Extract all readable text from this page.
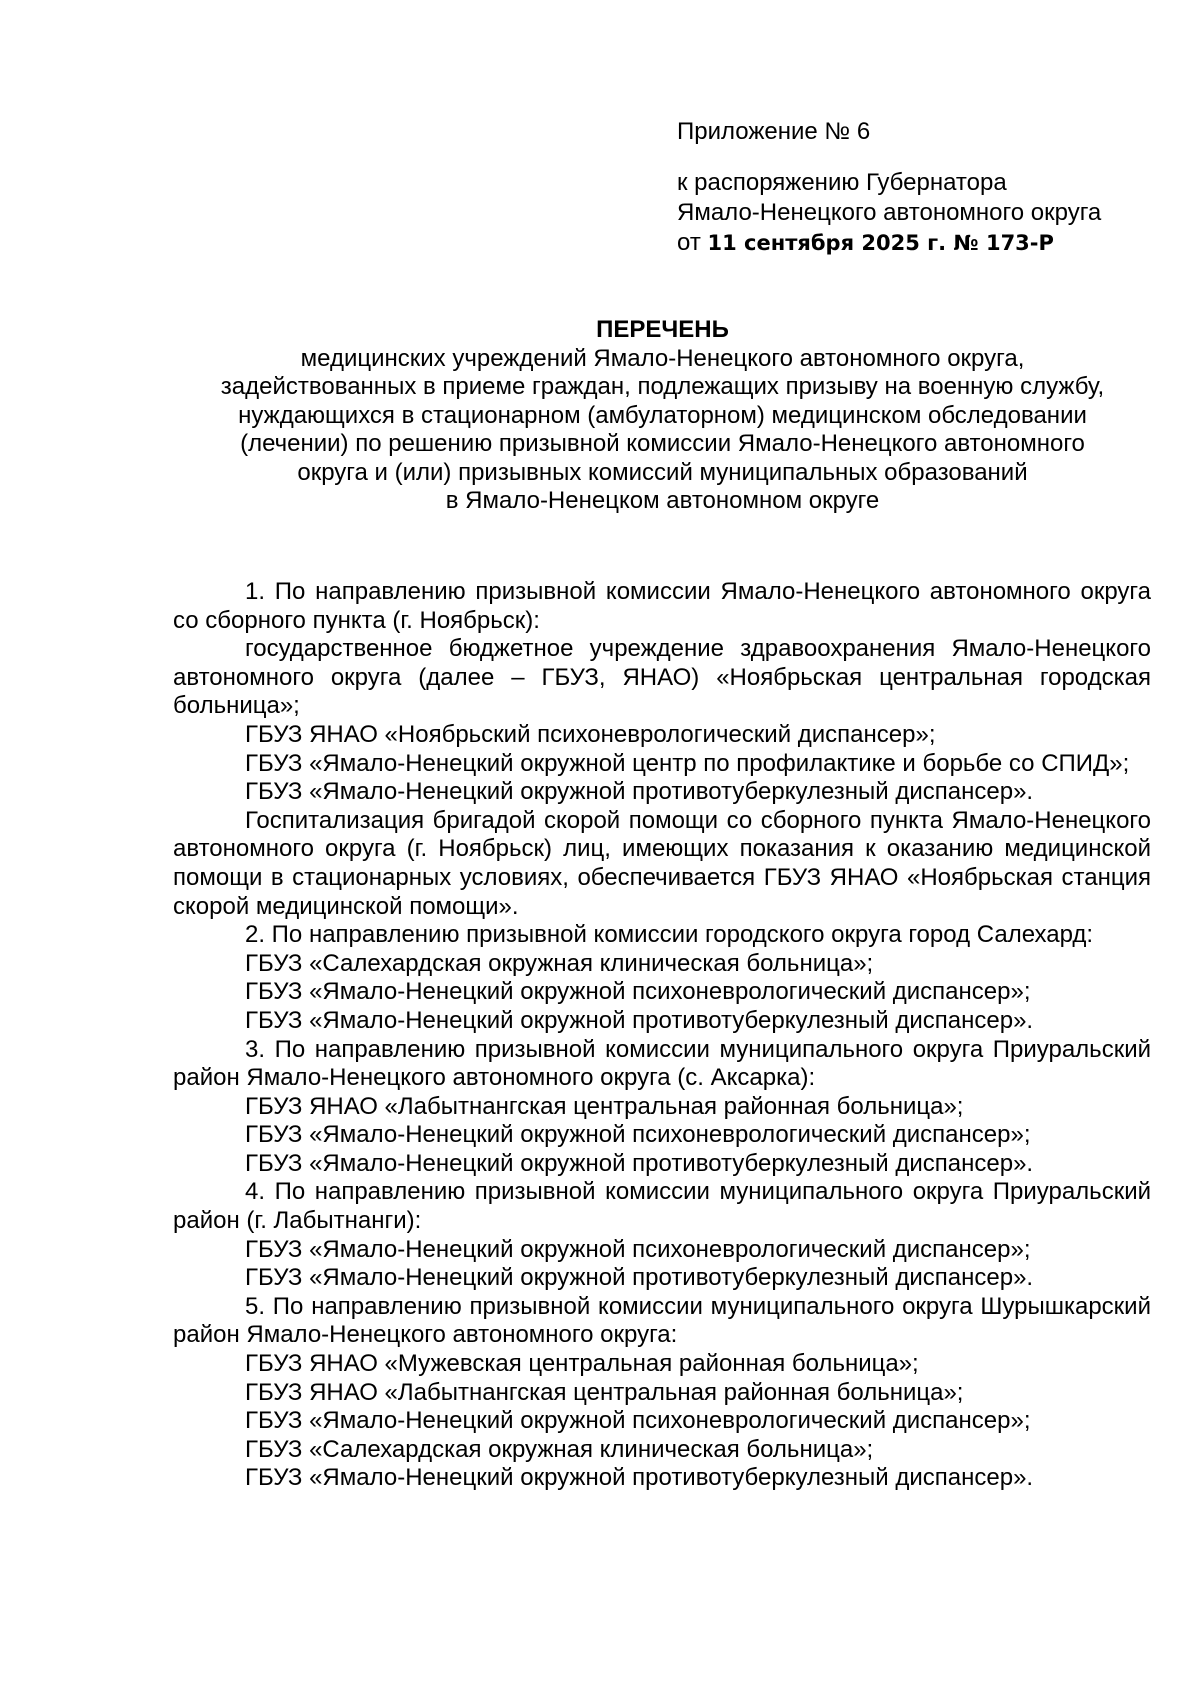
Приложение № 6
к распоряжению Губернатора
Ямало-Ненецкого автономного округа
от 11 сентября 2025 г. № 173-Р
ПЕРЕЧЕНЬ
медицинских учреждений Ямало-Ненецкого автономного округа,
задействованных в приеме граждан, подлежащих призыву на военную службу,
нуждающихся в стационарном (амбулаторном) медицинском обследовании
(лечении) по решению призывной комиссии Ямало-Ненецкого автономного
округа и (или) призывных комиссий муниципальных образований
в Ямало-Ненецком автономном округе

1. По направлению призывной комиссии Ямало-Ненецкого автономного округа со сборного пункта (г. Ноябрьск):

государственное бюджетное учреждение здравоохранения Ямало-Ненецкого автономного округа (далее – ГБУЗ, ЯНАО) «Ноябрьская центральная городская больница»;

ГБУЗ ЯНАО «Ноябрьский психоневрологический диспансер»;

ГБУЗ «Ямало-Ненецкий окружной центр по профилактике и борьбе со СПИД»;

ГБУЗ «Ямало-Ненецкий окружной противотуберкулезный диспансер».

Госпитализация бригадой скорой помощи со сборного пункта Ямало-Ненецкого автономного округа (г. Ноябрьск) лиц, имеющих показания к оказанию медицинской помощи в стационарных условиях, обеспечивается ГБУЗ ЯНАО «Ноябрьская станция скорой медицинской помощи».

2. По направлению призывной комиссии городского округа город Салехард:

ГБУЗ «Салехардская окружная клиническая больница»;

ГБУЗ «Ямало-Ненецкий окружной психоневрологический диспансер»;

ГБУЗ «Ямало-Ненецкий окружной противотуберкулезный диспансер».

3. По направлению призывной комиссии муниципального округа Приуральский район Ямало-Ненецкого автономного округа (с. Аксарка):

ГБУЗ ЯНАО «Лабытнангская центральная районная больница»;

ГБУЗ «Ямало-Ненецкий окружной психоневрологический диспансер»;

ГБУЗ «Ямало-Ненецкий окружной противотуберкулезный диспансер».

4. По направлению призывной комиссии муниципального округа Приуральский район (г. Лабытнанги):

ГБУЗ «Ямало-Ненецкий окружной психоневрологический диспансер»;

ГБУЗ «Ямало-Ненецкий окружной противотуберкулезный диспансер».

5. По направлению призывной комиссии муниципального округа Шурышкарский район Ямало-Ненецкого автономного округа:

ГБУЗ ЯНАО «Мужевская центральная районная больница»;

ГБУЗ ЯНАО «Лабытнангская центральная районная больница»;

ГБУЗ «Ямало-Ненецкий окружной психоневрологический диспансер»;

ГБУЗ «Салехардская окружная клиническая больница»;

ГБУЗ «Ямало-Ненецкий окружной противотуберкулезный диспансер».
